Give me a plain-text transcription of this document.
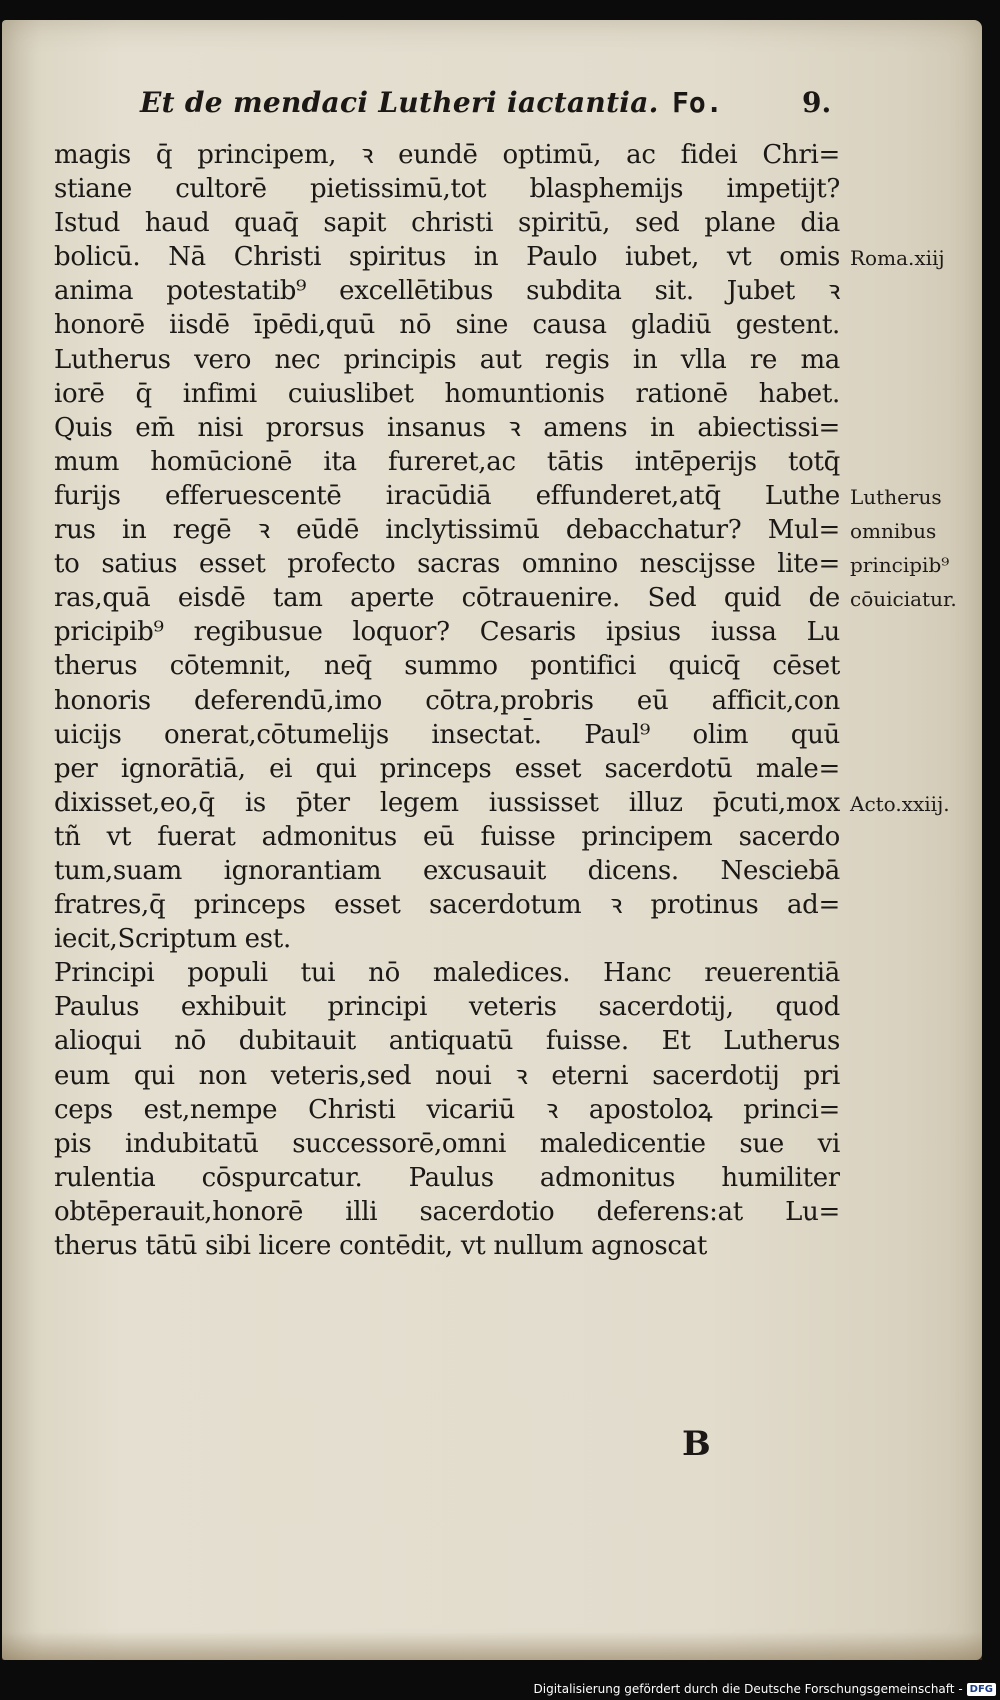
Et de mendaci Lutheri iactantia. Fo.	9.
magis q̄ principem, ꝛ eundē optimū, ac fidei Chri=
stiane cultorē pietissimū,tot blasphemijs impetijt?
Istud haud quaq̄ sapit christi spiritū, sed plane dia
bolicū. Nā Christi spiritus in Paulo iubet, vt omis
anima potestatib⁹ excellētibus subdita sit. Jubet ꝛ
honorē iisdē īpēdi,quū nō sine causa gladiū gestent.
Lutherus vero nec principis aut regis in vlla re ma
iorē q̄ infimi cuiuslibet homuntionis rationē habet.
Quis em̄ nisi prorsus insanus ꝛ amens in abiectissi=
mum homūcionē ita fureret,ac tātis intēperijs totq̄
furijs efferuescentē iracūdiā effunderet,atq̄ Luthe
rus in regē ꝛ eūdē inclytissimū debacchatur? Mul=
to satius esset profecto sacras omnino nescijsse lite=
ras,quā eisdē tam aperte cōtrauenire. Sed quid de
pricipib⁹ regibusue loquor? Cesaris ipsius iussa Lu
therus cōtemnit, neq̄ summo pontifici quicq̄ cēset
honoris deferendū,imo cōtra,probris eū afficit,con
uicijs onerat,cōtumelijs insectat̄. Paul⁹ olim quū
per ignorātiā, ei qui princeps esset sacerdotū male=
dixisset,eo,q̄ is p̄ter legem iussisset illuz p̄cuti,mox
tñ vt fuerat admonitus eū fuisse principem sacerdo
tum,suam ignorantiam excusauit dicens. Nesciebā
fratres,q̄ princeps esset sacerdotum ꝛ protinus ad=
iecit,Scriptum est.
Principi populi tui nō maledices. Hanc reuerentiā
Paulus exhibuit principi veteris sacerdotij, quod
alioqui nō dubitauit antiquatū fuisse. Et Lutherus
eum qui non veteris,sed noui ꝛ eterni sacerdotij pri
ceps est,nempe Christi vicariū ꝛ apostoloꝝ princi=
pis indubitatū successorē,omni maledicentie sue vi
rulentia cōspurcatur. Paulus admonitus humiliter
obtēperauit,honorē illi sacerdotio deferens:at Lu=
therus tātū sibi licere contēdit, vt nullum agnoscat
Roma.xiij
Lutherus
omnibus
principib⁹
cōuiciatur.
Acto.xxiij.
B
Digitalisierung gefördert durch die Deutsche Forschungsgemeinschaft - DFG
